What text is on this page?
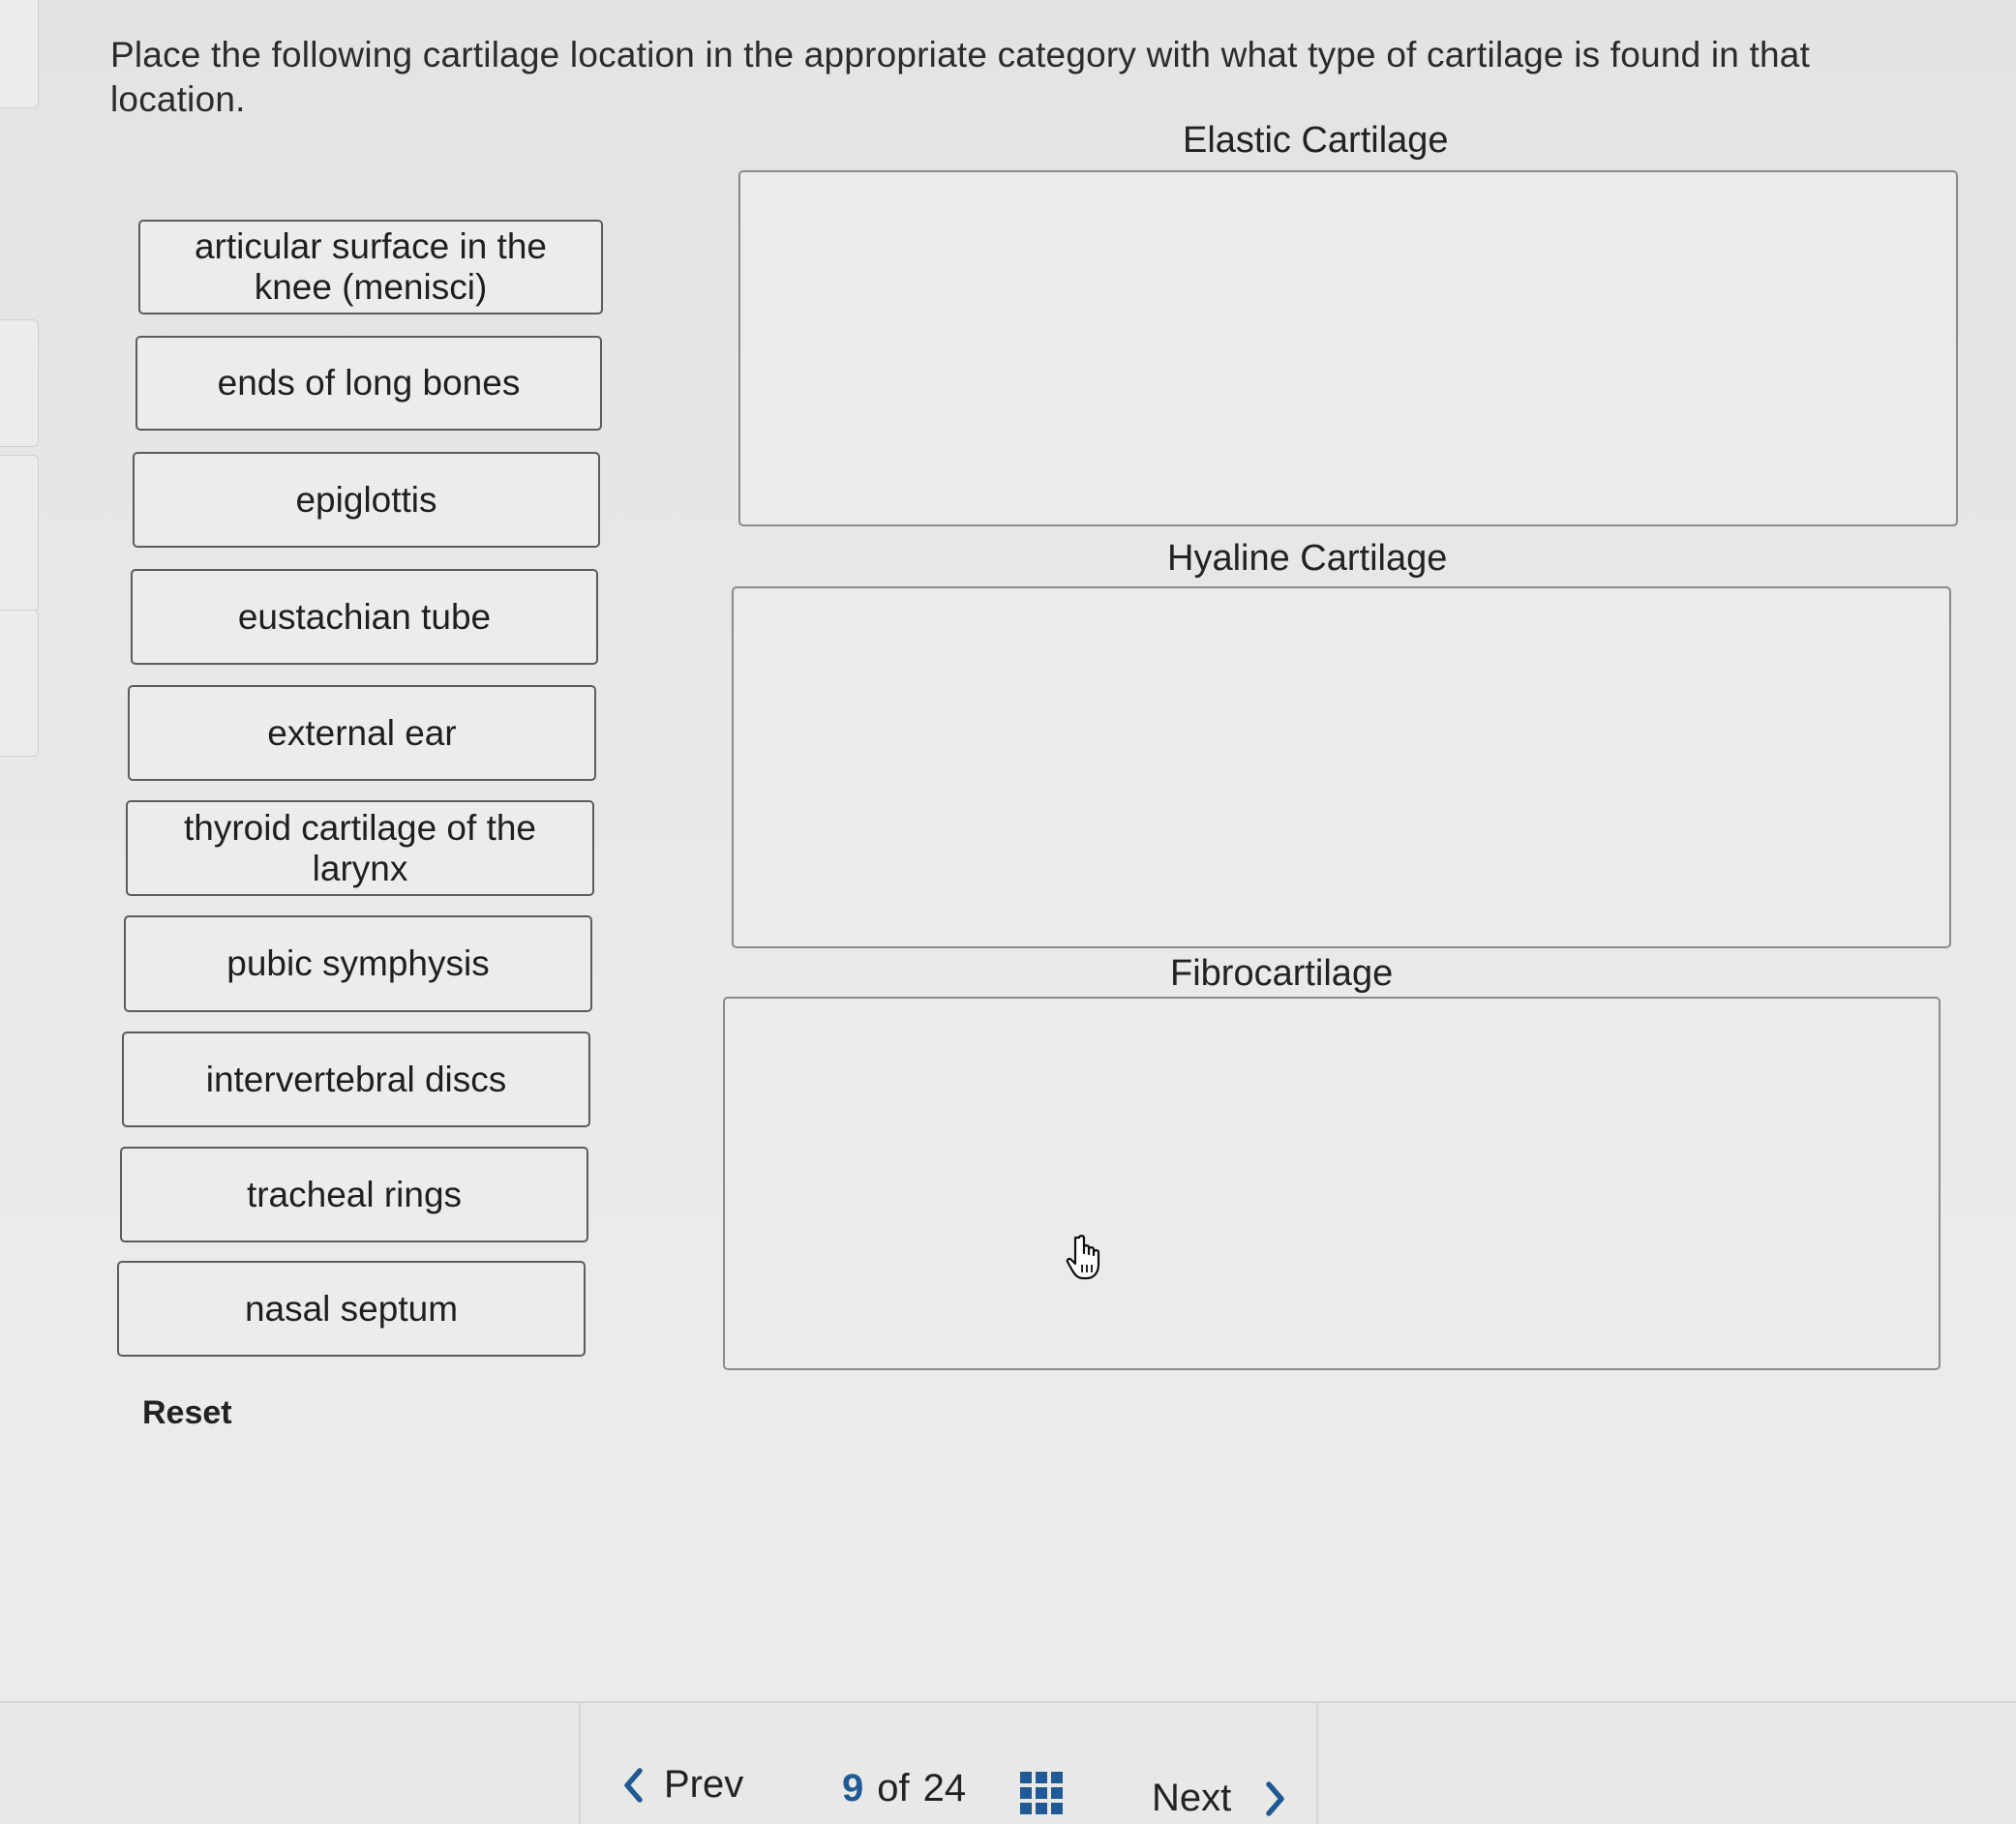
Place the following cartilage location in the appropriate category with what type of cartilage is found in that location.
articular surface in the knee (menisci)
ends of long bones
epiglottis
eustachian tube
external ear
thyroid cartilage of the larynx
pubic symphysis
intervertebral discs
tracheal rings
nasal septum
Elastic Cartilage
Hyaline Cartilage
Fibrocartilage
Reset
Prev	9 of 24	Next
